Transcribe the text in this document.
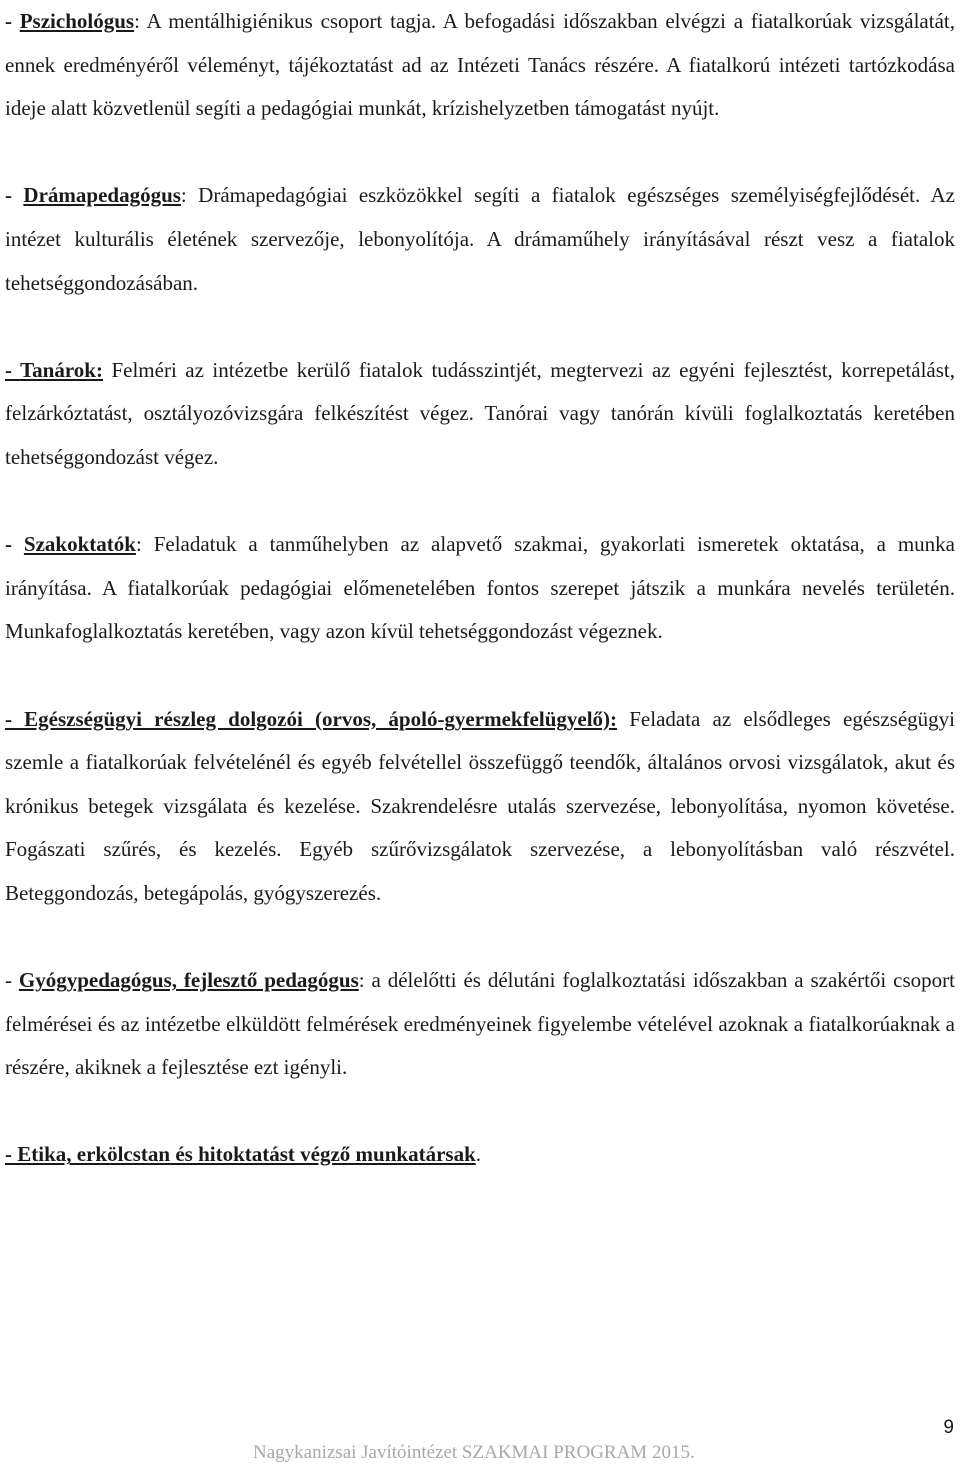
- Pszichológus: A mentálhigiénikus csoport tagja. A befogadási időszakban elvégzi a fiatalkorúak vizsgálatát, ennek eredményéről véleményt, tájékoztatást ad az Intézeti Tanács részére. A fiatalkorú intézeti tartózkodása ideje alatt közvetlenül segíti a pedagógiai munkát, krízishelyzetben támogatást nyújt.

- Drámapedagógus: Drámapedagógiai eszközökkel segíti a fiatalok egészséges személyiségfejlődését. Az intézet kulturális életének szervezője, lebonyolítója. A drámaműhely irányításával részt vesz a fiatalok tehetséggondozásában.

- Tanárok: Felméri az intézetbe kerülő fiatalok tudásszintjét, megtervezi az egyéni fejlesztést, korrepetálást, felzárkóztatást, osztályozóvizsgára felkészítést végez. Tanórai vagy tanórán kívüli foglalkoztatás keretében tehetséggondozást végez.

- Szakoktatók: Feladatuk a tanműhelyben az alapvető szakmai, gyakorlati ismeretek oktatása, a munka irányítása. A fiatalkorúak pedagógiai előmenetelében fontos szerepet játszik a munkára nevelés területén. Munkafoglalkoztatás keretében, vagy azon kívül tehetséggondozást végeznek.

- Egészségügyi részleg dolgozói (orvos, ápoló-gyermekfelügyelő): Feladata az elsődleges egészségügyi szemle a fiatalkorúak felvételénél és egyéb felvétellel összefüggő teendők, általános orvosi vizsgálatok, akut és krónikus betegek vizsgálata és kezelése. Szakrendelésre utalás szervezése, lebonyolítása, nyomon követése. Fogászati szűrés, és kezelés. Egyéb szűrővizsgálatok szervezése, a lebonyolításban való részvétel. Beteggondozás, betegápolás, gyógyszerezés.

- Gyógypedagógus, fejlesztő pedagógus: a délelőtti és délutáni foglalkoztatási időszakban a szakértői csoport felmérései és az intézetbe elküldött felmérések eredményeinek figyelembe vételével azoknak a fiatalkorúaknak a részére, akiknek a fejlesztése ezt igényli.

- Etika, erkölcstan és hitoktatást végző munkatársak.

9
Nagykanizsai Javítóintézet SZAKMAI PROGRAM 2015.
